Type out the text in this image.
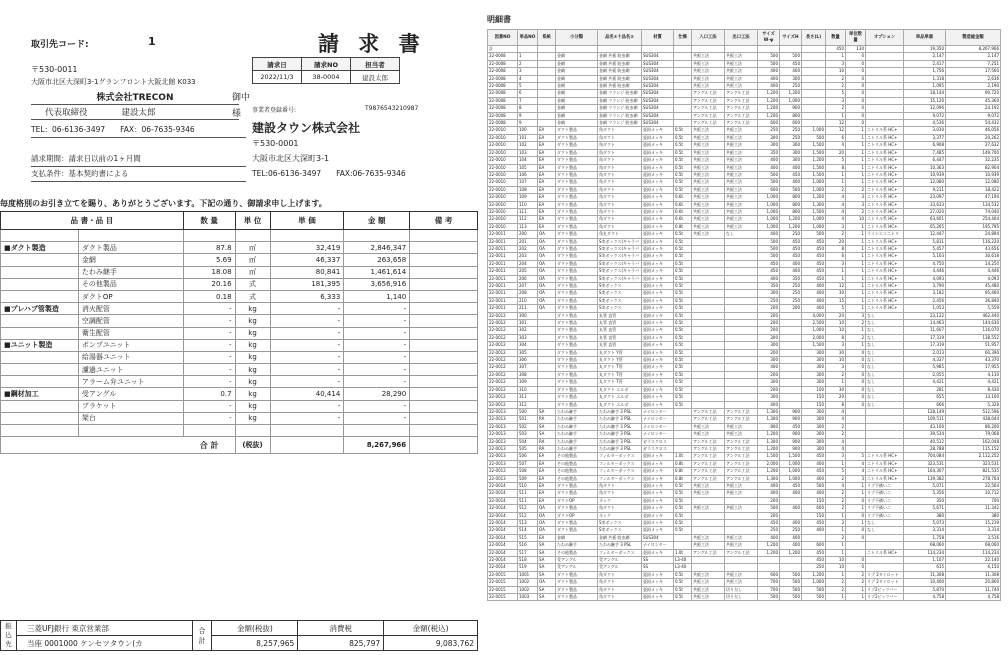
取引先コード:	1	請 求 書
請求日	請求NO	担当者
2022/11/3	38-0004	建設太郎
〒530-0011
大阪市北区大深町3-1グランフロント大阪北館 K033
株式会社TRECON	御中
代表取締役　　　　建設太郎	様
TEL：06-6136-3497　　FAX：06-7635-9346
事業者登録番号:	T9876543210987
建設タウン株式会社
〒530-0001
大阪市北区大深町3-1
TEL:06-6136-3497　　FAX:06-7635-9346
請求期間：請求日以前の1ヶ月間
支払条件：基本契約書による
毎度格別のお引き立てを賜り、ありがとうございます。下記の通り、御請求申し上げます。
品 書・品 目		数 量	単 位	単 価	金 額	備 考

■ダクト製造	ダクト製品	87.8	㎡	32,419	2,846,347	
	金網	5.69	㎡	46,337	263,658	
	たわみ継手	18.08	㎡	80,841	1,461,614	
	その他製品	20.16	式	181,395	3,656,916	
	ダクトOP	0.18	式	6,333	1,140	
■プレハブ管製造	消火配管	-	kg	-	-	
	空調配管	-	kg	-	-	
	衛生配管	-	kg	-	-	
■ユニット製造	ポンプユニット	-	kg	-	-	
	給湯器ユニット	-	kg	-	-	
	濾過ユニット	-	kg	-	-	
	アラーム弁ユニット	-	kg	-	-	
■鋼材加工	受アングル	0.7	kg	40,414	28,290	
	ブラケット	-	kg	-	-	
	架台	-	kg	-	-	

合 計			(税抜)		8,267,966	
振込先	三菱UFJ銀行 東京営業部	合計	金額(税抜)	消費税	金額(税込)
	当座 0001000 ケンセツタウン(カ		8,257,965	825,797	9,083,762
明細書
図番NO	単品NO	系統	小分類	品名①十品名②	材質	仕様	入口工法	出口工法	サイズW·φ	サイズH	長さ(L)	数量	単位数量	オプション	単品単価	製造総金額
計												450	130		19,350	8,267,966
22-0008	1		金網	金網 共板 防虫網	SUS304		共板工法	共板工法	500	500		1	0		2,147	2,147
22-0008	2		金網	金網 共板 防虫網	SUS304		共板工法	共板工法	500	450		3	0		2,417	7,251
22-0008	3		金網	金網 共板 防虫網	SUS304		共板工法	共板工法	400	400		10	0		1,756	17,560
22-0008	4		金網	金網 共板 防虫網	SUS304		共板工法	共板工法	400	300		2	0		1,318	2,636
22-0008	5		金網	金網 共板 防虫網	SUS304		共板工法	共板工法	400	250		2	0		1,095	2,190
22-0008	6		金網	金網 フランジ 防虫網	SUS304		アングル工法	アングル工法	1,200	1,200		5	0		18,144	90,720
22-0008	7		金網	金網 フランジ 防虫網	SUS304		アングル工法	アングル工法	1,200	1,000		3	0		15,120	45,360
22-0008	8		金網	金網 フランジ 防虫網	SUS304		アングル工法	アングル工法	1,200	900		2	0		12,096	24,192
22-0008	9		金網	金網 フランジ 防虫網	SUS304		アングル工法	アングル工法	1,200	800		1	0		9,072	9,072
22-0008	9		金網	金網 フランジ 防虫網	SUS304		アングル工法	アングル工法	600	600		12	0		4,536	54,432
22-0010	100	EA	ダクト製品	角ダクト	亜鉛メッキ	0.5t	共板工法	共板工法	250	250	1,000	12	1	ニトリル系 HC+	3,030	46,056
22-0010	101	EA	ダクト製品	角ダクト	亜鉛メッキ	0.5t	共板工法	共板工法	300	250	500	6	1	ニトリル系 HC+	3,377	20,262
22-0010	102	EA	ダクト製品	角ダクト	亜鉛メッキ	0.5t	共板工法	共板工法	300	300	1,500	4	1	ニトリル系 HC+	6,908	27,632
22-0010	103	EA	ダクト製品	角ダクト	亜鉛メッキ	0.5t	共板工法	共板工法	350	300	1,500	20	1	ニトリル系 HC+	7,485	149,700
22-0010	104	EA	ダクト製品	角ダクト	亜鉛メッキ	0.5t	共板工法	共板工法	400	300	1,200	5	1	ニトリル系 HC+	6,447	32,235
22-0010	105	EA	ダクト製品	角ダクト	亜鉛メッキ	0.5t	共板工法	共板工法	400	400	1,500	8	1	ニトリル系 HC+	10,363	82,904
22-0010	106	EA	ダクト製品	角ダクト	亜鉛メッキ	0.5t	共板工法	共板工法	500	450	1,500	1	1	ニトリル系 HC+	10,939	10,939
22-0010	107	EA	ダクト製品	角ダクト	亜鉛メッキ	0.5t	共板工法	共板工法	500	400	1,000	1	1	ニトリル系 HC+	12,080	12,080
22-0010	108	EA	ダクト製品	角ダクト	亜鉛メッキ	0.5t	共板工法	共板工法	600	500	1,000	2	2	ニトリル系 HC+	9,211	18,422
22-0010	109	EA	ダクト製品	角ダクト	亜鉛メッキ	0.6t	共板工法	共板工法	1,000	800	1,200	4	3	ニトリル系 HC+	23,097	47,194
22-0010	110	EA	ダクト製品	角ダクト	亜鉛メッキ	0.6t	共板工法	共板工法	1,000	800	1,300	4	3	ニトリル系 HC+	33,633	134,532
22-0010	111	EA	ダクト製品	角ダクト	亜鉛メッキ	0.6t	共板工法	共板工法	1,000	800	1,500	4	2	ニトリル系 HC+	27,020	74,040
22-0010	112	EA	ダクト製品	角ダクト	亜鉛メッキ	0.6t	共板工法	共板工法	1,000	1,200	1,000	4	10	ニトリル系 HC+	63,601	254,404
22-0010	113	EA	ダクト製品	角ダクト	亜鉛メッキ	0.8t	共板工法	共板工法	1,000	1,200	1,000	3	1	ニトリル系 HC+	65,265	195,795
22-0011	200	OA	ダクト製品	角丸ダクト	亜鉛メッキ	0.5t	共板工法	なし	400	250	500	2	1	ラインエコニトリ	12,447	24,894
22-0011	201	OA	ダクト製品	S実ボックス(キャラバ	亜鉛メッキ	0.5t			500	450	450	20	1	ニトリル系 HC+	5,811	116,220
22-0011	202	OA	ダクト製品	S実ボックス(キャラバ	亜鉛メッキ	0.5t			500	450	450	8	1	ニトリル系 HC+	5,457	43,656
22-0011	203	OA	ダクト製品	S実ボックス(キャラバ	亜鉛メッキ	0.5t			500	450	450	6	1	ニトリル系 HC+	5,103	30,618
22-0011	204	OA	ダクト製品	S実ボックス(キャラバ	亜鉛メッキ	0.5t			450	400	450	3	1	ニトリル系 HC+	4,750	14,250
22-0011	205	OA	ダクト製品	S実ボックス(キャラバ	亜鉛メッキ	0.5t			450	400	450	1	1	ニトリル系 HC+	4,446	4,446
22-0011	206	OA	ダクト製品	S実ボックス(キャラバ	亜鉛メッキ	0.5t			400	350	450	1	1	ニトリル系 HC+	4,093	4,093
22-0011	207	OA	ダクト製品	S実ボックス	亜鉛メッキ	0.5t			350	250	400	12	1	ニトリル系 HC+	3,790	45,480
22-0011	208	OA	ダクト製品	S実ボックス	亜鉛メッキ	0.5t			300	250	400	30	1	ニトリル系 HC+	3,182	95,460
22-0011	210	OA	ダクト製品	S実ボックス	亜鉛メッキ	0.5t			250	250	400	15	1	ニトリル系 HC+	2,456	36,840
22-0011	211	OA	ダクト製品	S実ボックス	亜鉛メッキ	0.5t			200	200	400	5	1	ニトリル系 HC+	1,053	5,559
22-0012	300		ダクト製品	丸管 直管	亜鉛メッキ	0.5t			200		4,000	20	3	なし	23,122	462,440
22-0012	301		ダクト製品	丸管 直管	亜鉛メッキ	0.5t			200		2,500	10	2	なし	14,463	144,630
22-0012	302		ダクト製品	丸管 直管	亜鉛メッキ	0.5t			200		1,000	10	1	なし	11,607	116,070
22-0012	303		ダクト製品	丸管 直管	亜鉛メッキ	0.5t			300		2,000	8	2	なし	17,319	138,552
22-0012	304		ダクト製品	丸管 直管	亜鉛メッキ	0.5t			300		1,500	3	1	なし	17,319	51,957
22-0012	305		ダクト製品	丸ダクト Y管	亜鉛メッキ	0.5t			200		300	30	0	なし	2,013	60,390
22-0012	306		ダクト製品	丸ダクト Y管	亜鉛メッキ	0.5t			300		300	10	0	なし	4,337	43,370
22-0012	307		ダクト製品	丸ダクト T管	亜鉛メッキ	0.5t			400		300	3	0	なし	5,985	17,955
22-0012	308		ダクト製品	丸ダクト T管	亜鉛メッキ	0.5t			200		300	2	0	なし	2,055	4,110
22-0012	309		ダクト製品	丸ダクト T管	亜鉛メッキ	0.5t			300		300	1	0	なし	4,421	4,421
22-0012	310		ダクト製品	丸ダクト エルボ	亜鉛メッキ	0.5t			200		100	30	0	なし	281	8,430
22-0012	311		ダクト製品	丸ダクト エルボ	亜鉛メッキ	0.5t			300		150	20	0	なし	655	13,100
22-0012	312		ダクト製品	丸ダクト エルボ	亜鉛メッキ	0.5t			400		150	8	0	なし	666	5,328
22-0013	500	SA	たわみ継手	たわみ継手 3 PSL	ナイロンター		アングル工法	アングル工法	1,300	900	300	4			128,149	512,596
22-0013	501	RA	たわみ継手	たわみ継手 3 PSL	ナイロンター		アングル工法	アングル工法	1,300	900	300	4			109,511	438,044
22-0013	502	SA	たわみ継手	たわみ継手 3 PSL	ナイロンター		共板工法	共板工法	800	450	300	2			43,100	86,200
22-0013	503	SA	たわみ継手	たわみ継手 3 PSL	ナイロンター		共板工法	共板工法	1,200	900	300	2			39,534	79,068
22-0013	504	RA	たわみ継手	たわみ継手 3 PSL	ガラスクロス		アングル工法	アングル工法	1,300	900	300	4			40,512	162,048
22-0013	505	RA	たわみ継手	たわみ継手 3 PSL	ガラスクロス		アングル工法	アングル工法	1,200	900	300	4			28,788	115,152
22-0013	506	EA	その他製品	フィルターボックス	亜鉛メッキ	1.0t	アングル工法	アングル工法	1,500	1,500	450	3	5	ニトリル系 HC+	704,084	2,112,252
22-0013	507	EA	その他製品	フィルターボックス	亜鉛メッキ	0.8t	アングル工法	アングル工法	2,000	1,000	400	1	4	ニトリル系 HC+	323,531	323,531
22-0013	508	EA	その他製品	フィルターボックス	亜鉛メッキ	0.8t	アングル工法	アングル工法	1,200	1,000	450	5	4	ニトリル系 HC+	164,307	821,535
22-0013	509	EA	その他製品	フィルターボックス	亜鉛メッキ	0.8t	アングル工法	アングル工法	1,300	1,000	400	2	3	ニトリル系 HC+	139,382	278,764
22-0014	510	EA	ダクト製品	角ダクト	亜鉛メッキ	0.5t	共板工法	共板工法	400	450	500	4	1	リブ不備いニ	5,071	22,564
22-0014	511	EA	ダクト製品	角ダクト	亜鉛メッキ	0.5t	共板工法	共板工法	400	400	400	2	1	リブ不備いニ	5,356	10,712
22-0014	511	EA	ダクトOP	ネック	亜鉛メッキ	0.5t			200		150	2	0	リブ不備いニ	350	700
22-0014	512	OA	ダクト製品	角ダクト	亜鉛メッキ	0.5t	共板工法	共板工法	500	400	600	2	1	リブ不備いニ	5,671	11,342
22-0014	512	OA	ダクトOP	ネック	亜鉛メッキ	0.5t			200		150	1	0	リブ不備いニ	380	380
22-0014	513	OA	ダクト製品	S実ボックス	亜鉛メッキ	0.5t			450	400	450	3	1	なし	5,073	15,219
22-0014	514	OA	ダクト製品	S実ボックス	亜鉛メッキ	0.5t			250	250	400	1	0	なし	3,314	3,314
22-0014	515	EA	金網	金網 共板 防虫網	SUS304		共板工法	共板工法	400	400		2	0		1,758	3,516
22-0014	516	SA	たわみ継手	たわみ継手 3 PSL	ナイロンター		共板工法	共板工法	1,200	400	600	1			68,060	68,060
22-0014	517	SA	その他製品	フィルターボックス	亜鉛メッキ	1.0t	アングル工法	アングル工法	1,200	1,200	450	1		ニトリル系 HC+	114,234	114,234
22-0014	518	SA	受アングル	受アングル	SS	L3-40					450	10	0		1,107	22,140
22-0014	519	SA	受アングル	受アングル	SS	L3-40					250	10	0		615	6,150
22-0015	1001	SA	ダクト製品	角ダクト	亜鉛メッキ	0.5t	共板工法	共板工法	600	500	1,200	1	2	リブ 2タイロット	11,308	11,308
22-0015	1002	OA	ダクト製品	角ダクト	亜鉛メッキ	0.5t	共板工法	共板工法	700	500	1,000	2	2	リブ 2タイロット	10,400	20,800
22-0015	1002	SA	ダクト製品	角ダクト	亜鉛メッキ	0.5t	共板工法	切り欠し	700	500	500	2	1	リブ2ピッツバー	5,870	11,740
22-0015	1003	SA	ダクト製品	角ダクト	亜鉛メッキ	0.5t	共板工法	切り欠し	500	500	500	1	1	リブ2ピッツバー	4,758	4,758
